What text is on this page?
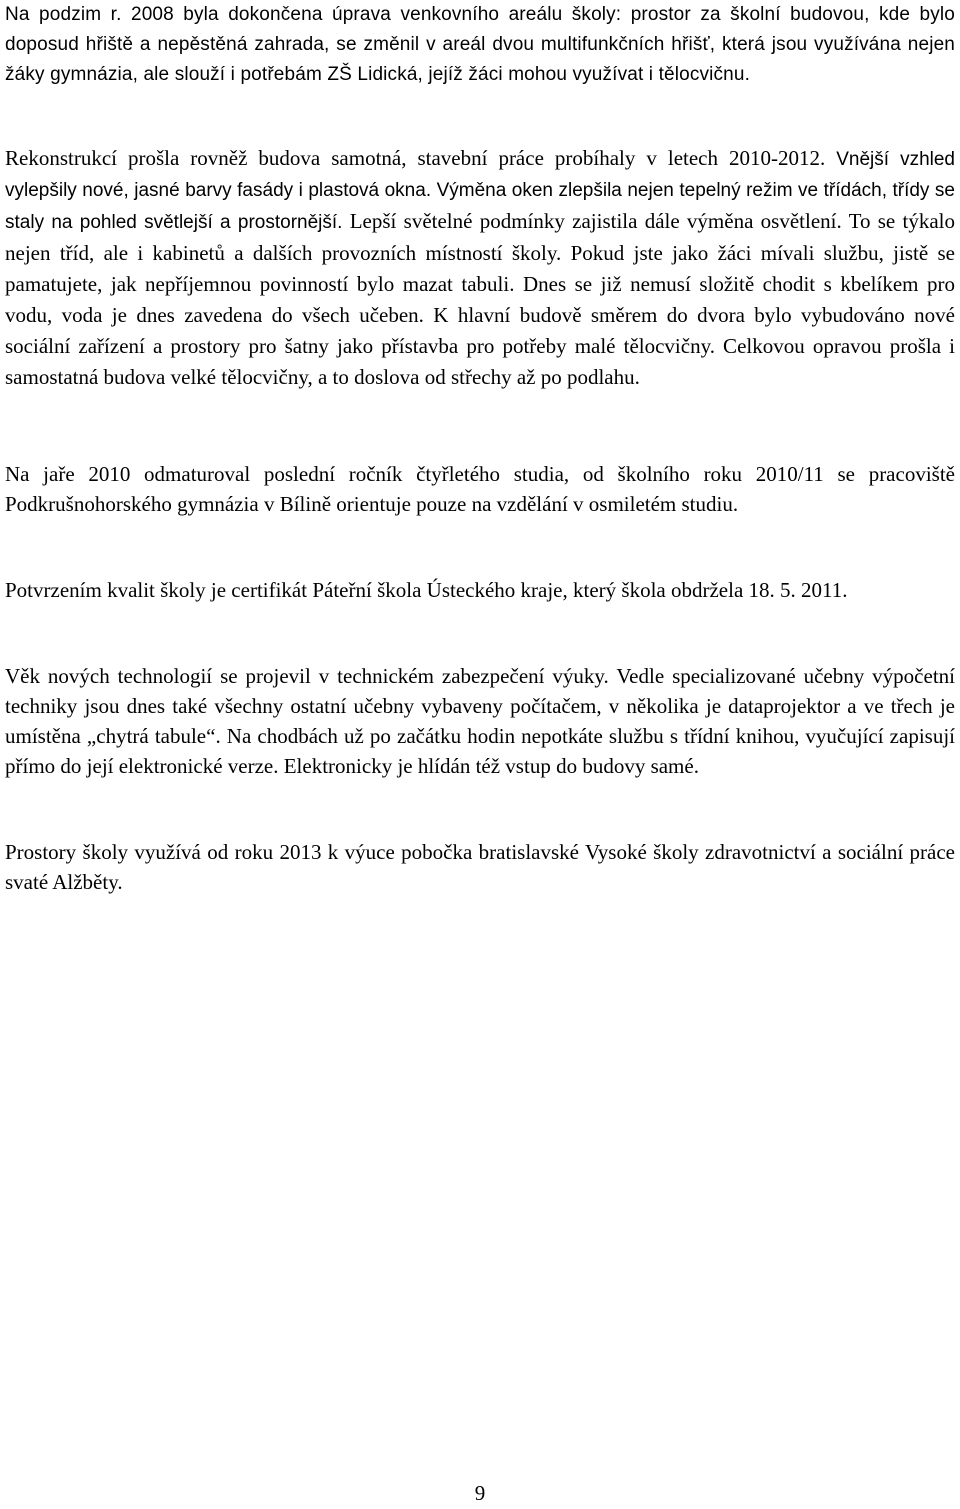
Na podzim r. 2008 byla dokončena úprava venkovního areálu školy: prostor za školní budovou, kde bylo doposud hřiště a nepěstěná zahrada, se změnil v areál dvou multifunkčních hřišť, která jsou využívána nejen žáky gymnázia, ale slouží i potřebám ZŠ Lidická, jejíž žáci mohou využívat i tělocvičnu.

Rekonstrukcí prošla rovněž budova samotná, stavební práce probíhaly v letech 2010-2012. Vnější vzhled vylepšily nové, jasné barvy fasády i plastová okna. Výměna oken zlepšila nejen tepelný režim ve třídách, třídy se staly na pohled světlejší a prostornější. Lepší světelné podmínky zajistila dále výměna osvětlení. To se týkalo nejen tříd, ale i kabinetů a dalších provozních místností školy. Pokud jste jako žáci mívali službu, jistě se pamatujete, jak nepříjemnou povinností bylo mazat tabuli. Dnes se již nemusí složitě chodit s kbelíkem pro vodu, voda je dnes zavedena do všech učeben. K hlavní budově směrem do dvora bylo vybudováno nové sociální zařízení a prostory pro šatny jako přístavba pro potřeby malé tělocvičny. Celkovou opravou prošla i samostatná budova velké tělocvičny, a to doslova od střechy až po podlahu.

Na jaře 2010 odmaturoval poslední ročník čtyřletého studia, od školního roku 2010/11 se pracoviště Podkrušnohorského gymnázia v Bílině orientuje pouze na vzdělání v osmiletém studiu.

Potvrzením kvalit školy je certifikát Páteřní škola Ústeckého kraje, který škola obdržela 18. 5. 2011.

Věk nových technologií se projevil v technickém zabezpečení výuky. Vedle specializované učebny výpočetní techniky jsou dnes také všechny ostatní učebny vybaveny počítačem, v několika je dataprojektor a ve třech je umístěna „chytrá tabule“. Na chodbách už po začátku hodin nepotkáte službu s třídní knihou, vyučující zapisují přímo do její elektronické verze. Elektronicky je hlídán též vstup do budovy samé.

Prostory školy využívá od roku 2013 k výuce pobočka bratislavské Vysoké školy zdravotnictví a sociální práce svaté Alžběty.

9
